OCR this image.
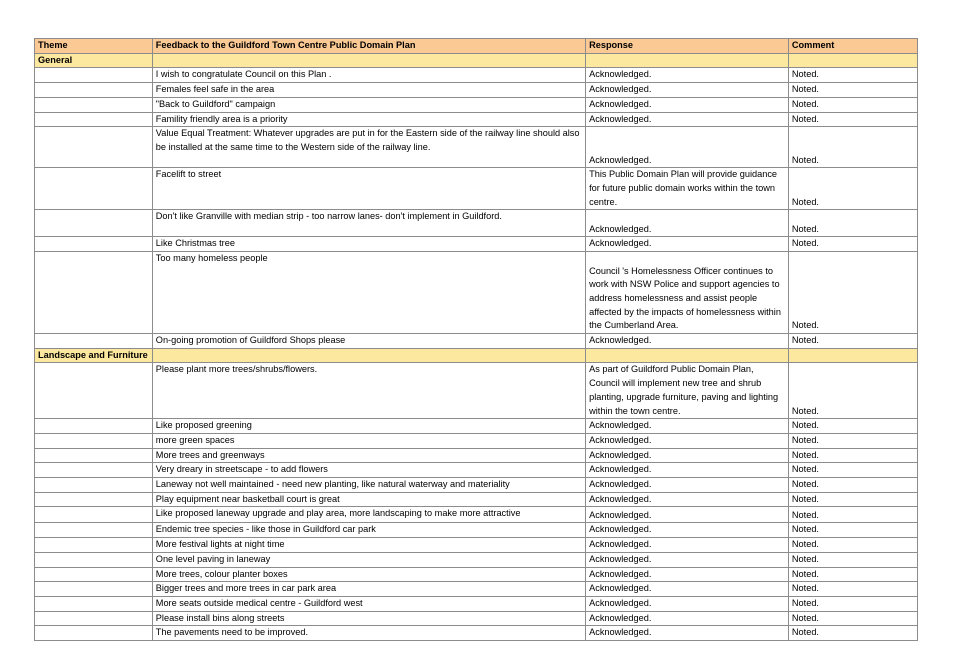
Theme	Feedback to the Guildford Town Centre Public Domain Plan	Response	Comment
General			
	I wish to congratulate Council on this Plan .	Acknowledged.	Noted.
	Females feel safe in the area	Acknowledged.	Noted.
	"Back to Guildford" campaign	Acknowledged.	Noted.
	Famility friendly area is a priority	Acknowledged.	Noted.
	Value Equal Treatment: Whatever upgrades are put in for the Eastern side of the railway line should also be installed at the same time to the Western side of the railway line.	Acknowledged.	Noted.
	Facelift to street	This Public Domain Plan will provide guidance for future public domain works within the town centre.	Noted.
	Don't like Granville with median strip - too narrow lanes- don't implement in Guildford.	Acknowledged.	Noted.
	Like Christmas tree	Acknowledged.	Noted.
	Too many homeless people	Council 's Homelessness Officer continues to work with NSW Police and support agencies to address homelessness and assist people affected by the impacts of homelessness within the Cumberland Area.	Noted.
	On-going promotion of Guildford Shops please	Acknowledged.	Noted.
Landscape and Furniture			
	Please plant more trees/shrubs/flowers.	As part of Guildford Public Domain Plan, Council will implement new tree and shrub planting, upgrade furniture, paving and lighting within the town centre.	Noted.
	Like proposed greening	Acknowledged.	Noted.
	more green spaces	Acknowledged.	Noted.
	More trees and greenways	Acknowledged.	Noted.
	Very dreary in streetscape - to add flowers	Acknowledged.	Noted.
	Laneway not well maintained - need new planting, like natural waterway and materiality	Acknowledged.	Noted.
	Play equipment near basketball court is great	Acknowledged.	Noted.
	Like proposed laneway upgrade and play area, more landscaping to make more attractive	Acknowledged.	Noted.
	Endemic tree species - like those in Guildford car park	Acknowledged.	Noted.
	More festival lights at night time	Acknowledged.	Noted.
	One level paving in laneway	Acknowledged.	Noted.
	More trees, colour planter boxes	Acknowledged.	Noted.
	Bigger trees and more trees in car park area	Acknowledged.	Noted.
	More seats outside medical centre - Guildford west	Acknowledged.	Noted.
	Please install bins along streets	Acknowledged.	Noted.
	The pavements need to be improved.	Acknowledged.	Noted.
